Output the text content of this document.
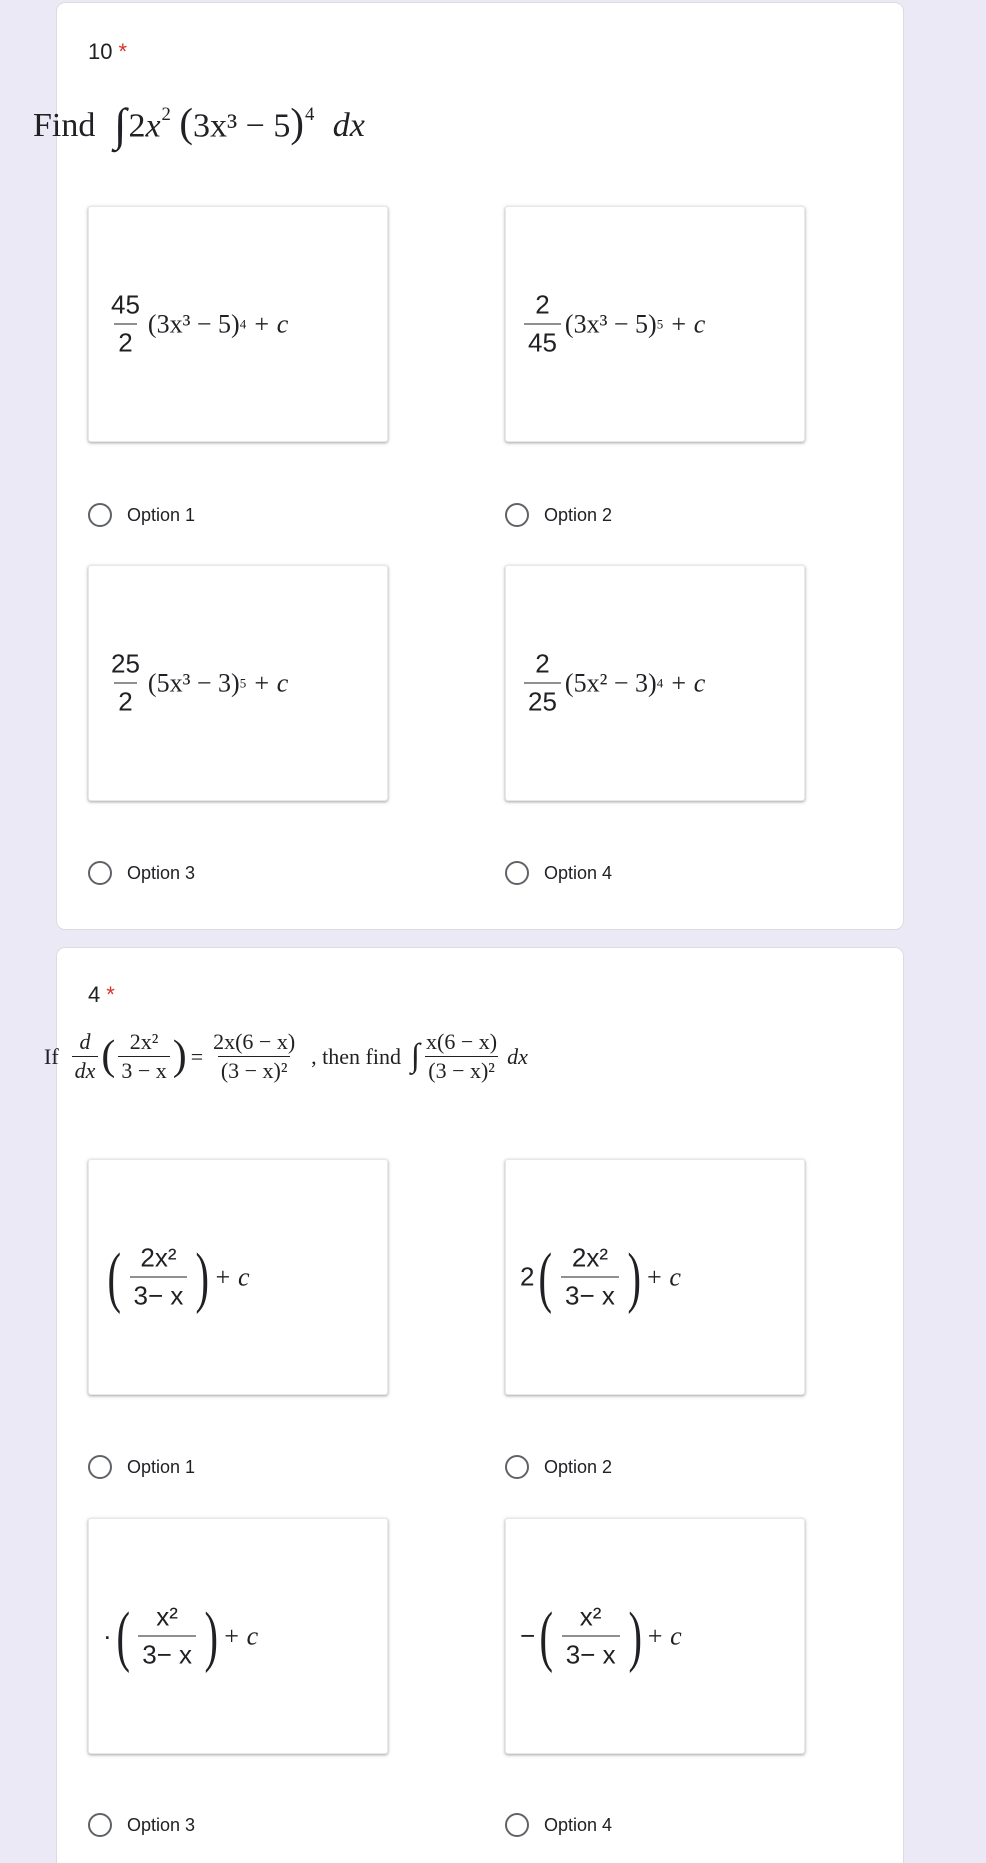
10 *
Find $\int 2x^2$ $(3x^3 - 5)^4$ dx
$\frac{45}{2} (3x^3 - 5)$ 4
+ c	$\frac{2}{45} (3x^3 - 5)$ 5
+ c
Option 1	Option 2
$\frac{25}{2} (5x^3 - 3)$ 5
+ c	$\frac{2}{25} (5x^2 - 3)$ 4
+ c
Option 3	Option 4
4 *
If $\frac{d}{dx}$ ( $\frac{\text{2x²}}{3 - x}$ ) = $\frac{2x(6 - x)}{\text{(3 − x)²}}$ , then find ∫ $\frac{x(6 - x)}{\text{(3 − x)²}}$ dx
( $\frac{\text{2x²}}{3- x}$ ) + c	2 ( $\frac{\text{2x²}}{3- x}$ ) + c
Option 1	Option 2
· ( $\frac{\text{x²}}{3- x}$ ) + c	− ( $\frac{\text{x²}}{3- x}$ ) + c
Option 3	Option 4
